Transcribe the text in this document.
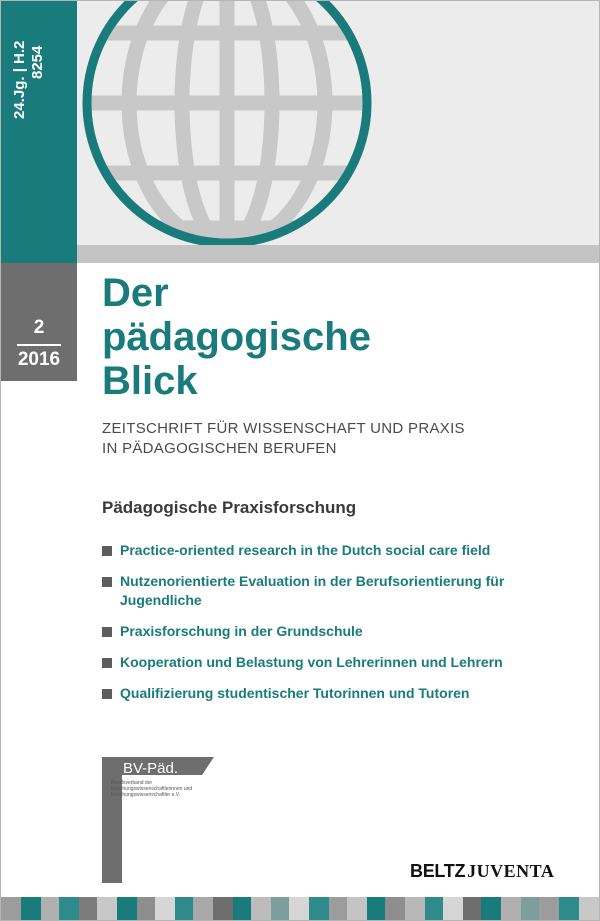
24.Jg. | H.2 8254
2
2016
Der
pädagogische
Blick

ZEITSCHRIFT FÜR WISSENSCHAFT UND PRAXIS
IN PÄDAGOGISCHEN BERUFEN

Pädagogische Praxisforschung
Practice-oriented research in the Dutch social care field
Nutzenorientierte Evaluation in der Berufsorientierung für Jugendliche
Praxisforschung in der Grundschule
Kooperation und Belastung von Lehrerinnen und Lehrern
Qualifizierung studentischer Tutorinnen und Tutoren
BV-Päd.
Berufsverband der Erziehungswissenschaftlerinnen und Erziehungswissenschaftler e.V.
BELTZ JUVENTA
